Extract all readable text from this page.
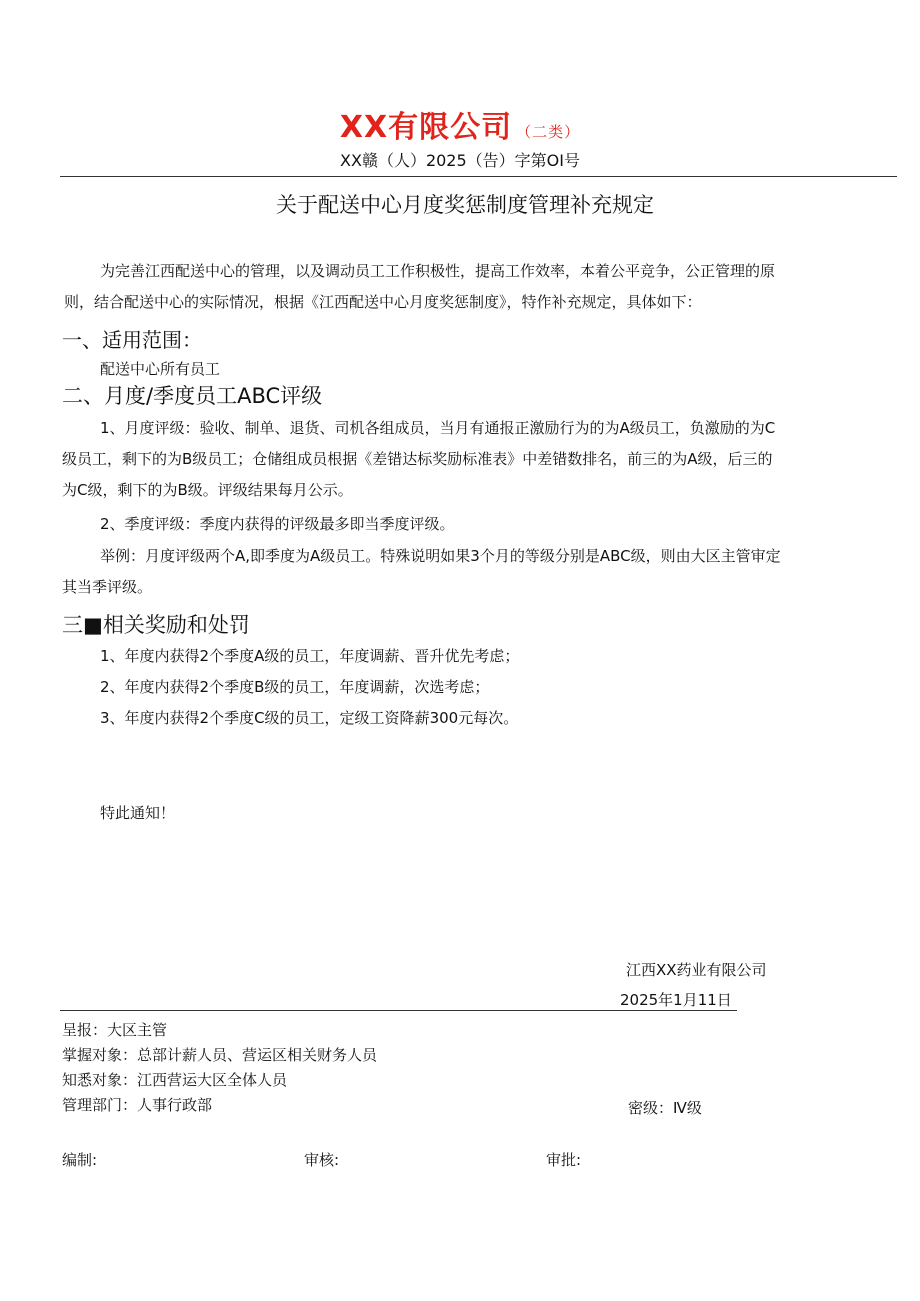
XX有限公司 （二类）
XX赣（人）2025（告）字第OI号
关于配送中心月度奖惩制度管理补充规定
为完善江西配送中心的管理，以及调动员工工作积极性，提高工作效率，本着公平竞争，公正管理的原
则，结合配送中心的实际情况，根据《江西配送中心月度奖惩制度》，特作补充规定，具体如下：
一、适用范围：
配送中心所有员工
二、月度/季度员工ABC评级
1、月度评级：验收、制单、退货、司机各组成员，当月有通报正激励行为的为A级员工，负激励的为C
级员工，剩下的为B级员工；仓储组成员根据《差错达标奖励标准表》中差错数排名，前三的为A级，后三的
为C级，剩下的为B级。评级结果每月公示。
2、季度评级：季度内获得的评级最多即当季度评级。
举例：月度评级两个A,即季度为A级员工。特殊说明如果3个月的等级分别是ABC级，则由大区主管审定
其当季评级。
三■相关奖励和处罚
1、年度内获得2个季度A级的员工，年度调薪、晋升优先考虑；
2、年度内获得2个季度B级的员工，年度调薪，次选考虑；
3、年度内获得2个季度C级的员工，定级工资降薪300元每次。
特此通知！
江西XX药业有限公司
2025年1月11日
呈报：大区主管
掌握对象：总部计薪人员、营运区相关财务人员
知悉对象：江西营运大区全体人员
管理部门：人事行政部	密级：Ⅳ级
编制:	审核:	审批:
